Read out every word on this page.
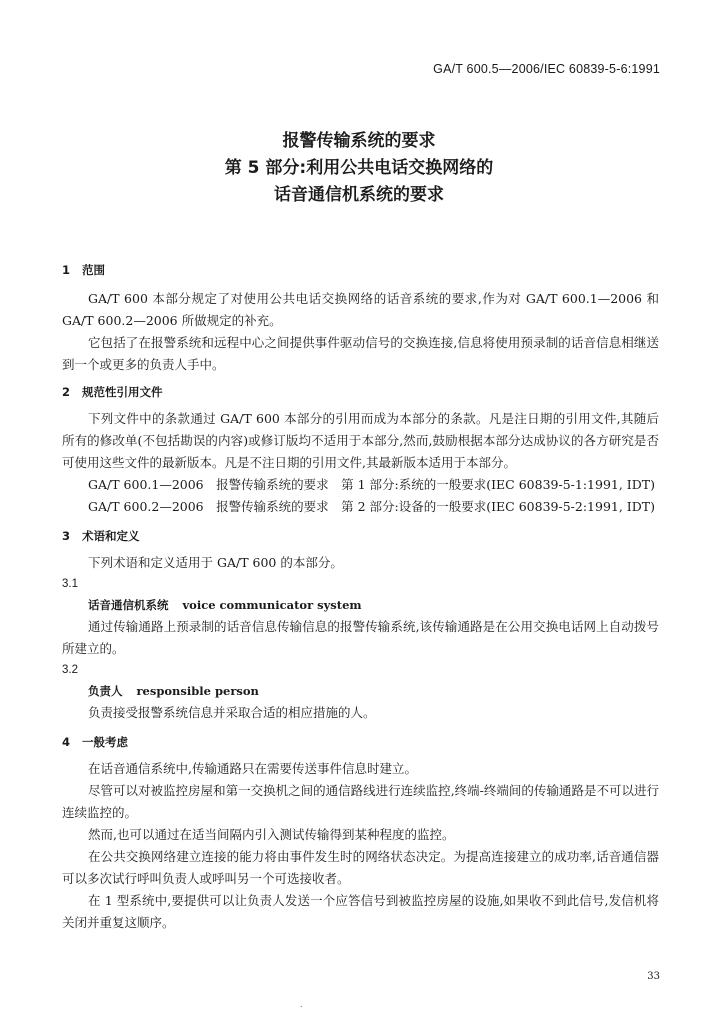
GA/T 600.5—2006/IEC 60839-5-6:1991
报警传输系统的要求
第 5 部分:利用公共电话交换网络的
话音通信机系统的要求
1 范围

GA/T 600 本部分规定了对使用公共电话交换网络的话音系统的要求,作为对 GA/T 600.1—2006 和 GA/T 600.2—2006 所做规定的补充。

它包括了在报警系统和远程中心之间提供事件驱动信号的交换连接,信息将使用预录制的话音信息相继送到一个或更多的负责人手中。

2 规范性引用文件

下列文件中的条款通过 GA/T 600 本部分的引用而成为本部分的条款。凡是注日期的引用文件,其随后所有的修改单(不包括勘误的内容)或修订版均不适用于本部分,然而,鼓励根据本部分达成协议的各方研究是否可使用这些文件的最新版本。凡是不注日期的引用文件,其最新版本适用于本部分。

GA/T 600.1—2006　报警传输系统的要求　第 1 部分:系统的一般要求(IEC 60839-5-1:1991, IDT)

GA/T 600.2—2006　报警传输系统的要求　第 2 部分:设备的一般要求(IEC 60839-5-2:1991, IDT)

3 术语和定义

下列术语和定义适用于 GA/T 600 的本部分。

3.1
话音通信机系统 voice communicator system

通过传输通路上预录制的话音信息传输信息的报警传输系统,该传输通路是在公用交换电话网上自动拨号所建立的。

3.2
负责人 responsible person

负责接受报警系统信息并采取合适的相应措施的人。

4 一般考虑

在话音通信系统中,传输通路只在需要传送事件信息时建立。

尽管可以对被监控房屋和第一交换机之间的通信路线进行连续监控,终端-终端间的传输通路是不可以进行连续监控的。

然而,也可以通过在适当间隔内引入测试传输得到某种程度的监控。

在公共交换网络建立连接的能力将由事件发生时的网络状态决定。为提高连接建立的成功率,话音通信器可以多次试行呼叫负责人或呼叫另一个可选接收者。

在 1 型系统中,要提供可以让负责人发送一个应答信号到被监控房屋的设施,如果收不到此信号,发信机将关闭并重复这顺序。

33
.
